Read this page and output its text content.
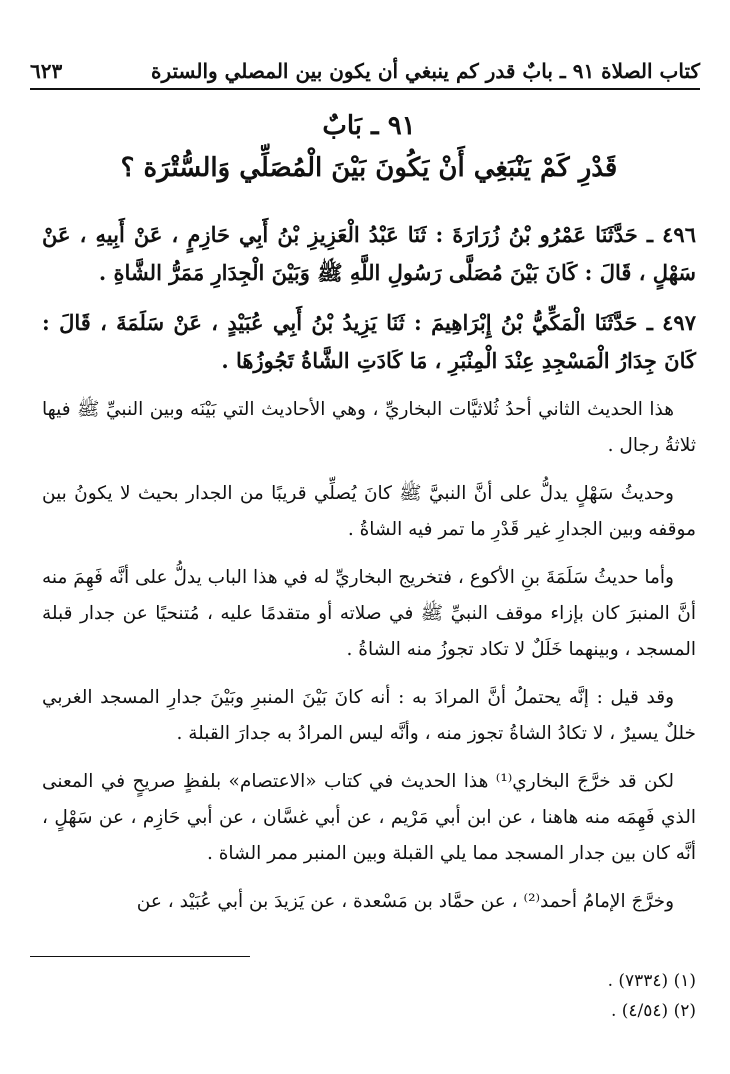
كتاب الصلاة ٩١ ـ بابٌ قدر كم ينبغي أن يكون بين المصلي والسترة
٦٢٣
٩١ ـ بَابٌ
قَدْرِ كَمْ يَنْبَغِي أَنْ يَكُونَ بَيْنَ الْمُصَلِّي وَالسُّتْرَة ؟

٤٩٦ ـ حَدَّثَنَا عَمْرُو بْنُ زُرَارَةَ : ثَنَا عَبْدُ الْعَزِيزِ بْنُ أَبِي حَازِمٍ ، عَنْ أَبِيهِ ، عَنْ سَهْلٍ ، قَالَ : كَانَ بَيْنَ مُصَلَّى رَسُولِ اللَّهِ ﷺ وَبَيْنَ الْجِدَارِ مَمَرُّ الشَّاةِ .

٤٩٧ ـ حَدَّثَنَا الْمَكِّيُّ بْنُ إِبْرَاهِيمَ : ثَنَا يَزِيدُ بْنُ أَبِي عُبَيْدٍ ، عَنْ سَلَمَةَ ، قَالَ : كَانَ جِدَارُ الْمَسْجِدِ عِنْدَ الْمِنْبَرِ ، مَا كَادَتِ الشَّاةُ تَجُوزُهَا .

هذا الحديث الثاني أحدُ ثُلاثيَّات البخاريِّ ، وهي الأحاديث التي بَيْنَه وبين النبيِّ ﷺ فيها ثلاثةُ رجال .

وحديثُ سَهْلٍ يدلُّ على أنَّ النبيَّ ﷺ كانَ يُصلِّي قريبًا من الجدار بحيث لا يكونُ بين موقفه وبين الجدارِ غير قَدْرِ ما تمر فيه الشاةُ .

وأما حديثُ سَلَمَةَ بنِ الأكوع ، فتخريج البخاريِّ له في هذا الباب يدلُّ على أنَّه فَهِمَ منه أنَّ المنبرَ كان بإزاء موقف النبيِّ ﷺ في صلاته أو متقدمًا عليه ، مُتنحيًا عن جدار قبلة المسجد ، وبينهما خَلَلٌ لا تكاد تجوزُ منه الشاةُ .

وقد قيل : إنَّه يحتملُ أنَّ المرادَ به : أنه كانَ بَيْنَ المنبرِ وبَيْنَ جدارِ المسجد الغربي خللٌ يسيرٌ ، لا تكادُ الشاةُ تجوز منه ، وأنَّه ليس المرادُ به جدارَ القبلة .

لكن قد خرَّجَ البخاري⁽¹⁾ هذا الحديث في كتاب «الاعتصام» بلفظٍ صريحٍ في المعنى الذي فَهِمَه منه هاهنا ، عن ابن أبي مَرْيم ، عن أبي غسَّان ، عن أبي حَازِم ، عن سَهْلٍ ، أنَّه كان بين جدار المسجد مما يلي القبلة وبين المنبر ممر الشاة .

وخرَّجَ الإمامُ أحمد⁽²⁾ ، عن حمَّاد بن مَسْعدة ، عن يَزيدَ بن أبي عُبَيْد ، عن

(١) (٧٣٣٤) .

(٢) (٤/٥٤) .
